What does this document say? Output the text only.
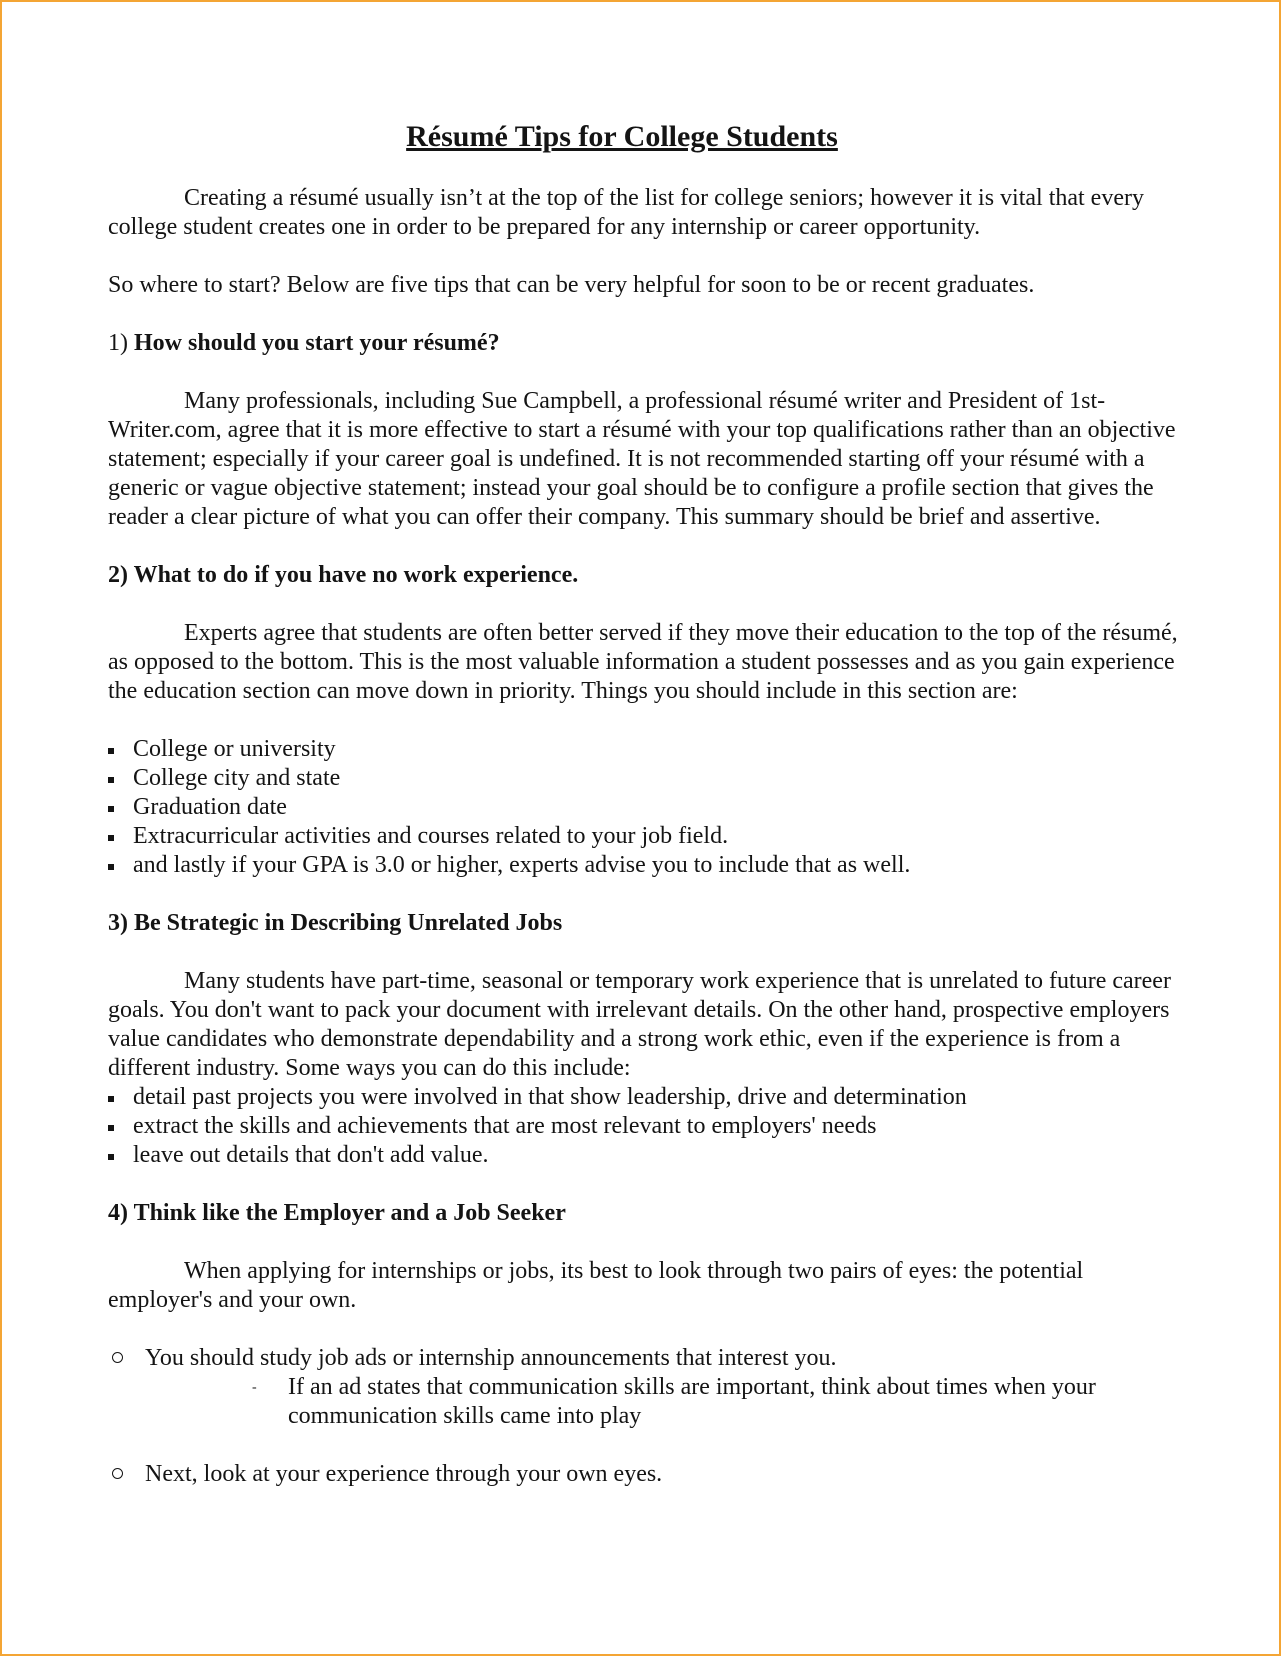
Résumé Tips for College Students

Creating a résumé usually isn’t at the top of the list for college seniors; however it is vital that every college student creates one in order to be prepared for any internship or career opportunity.

So where to start? Below are five tips that can be very helpful for soon to be or recent graduates.

1) How should you start your résumé?

Many professionals, including Sue Campbell, a professional résumé writer and President of 1st-Writer.com, agree that it is more effective to start a résumé with your top qualifications rather than an objective statement; especially if your career goal is undefined. It is not recommended starting off your résumé with a generic or vague objective statement; instead your goal should be to configure a profile section that gives the reader a clear picture of what you can offer their company. This summary should be brief and assertive.

2) What to do if you have no work experience.

Experts agree that students are often better served if they move their education to the top of the résumé, as opposed to the bottom. This is the most valuable information a student possesses and as you gain experience the education section can move down in priority. Things you should include in this section are:

College or university
College city and state
Graduation date
Extracurricular activities and courses related to your job field.
and lastly if your GPA is 3.0 or higher, experts advise you to include that as well.
3) Be Strategic in Describing Unrelated Jobs

Many students have part-time, seasonal or temporary work experience that is unrelated to future career goals. You don't want to pack your document with irrelevant details. On the other hand, prospective employers value candidates who demonstrate dependability and a strong work ethic, even if the experience is from a different industry. Some ways you can do this include:

detail past projects you were involved in that show leadership, drive and determination
extract the skills and achievements that are most relevant to employers' needs
leave out details that don't add value.
4) Think like the Employer and a Job Seeker

When applying for internships or jobs, its best to look through two pairs of eyes: the potential employer's and your own.

You should study job ads or internship announcements that interest you.
- If an ad states that communication skills are important, think about times when your communication skills came into play
Next, look at your experience through your own eyes.
